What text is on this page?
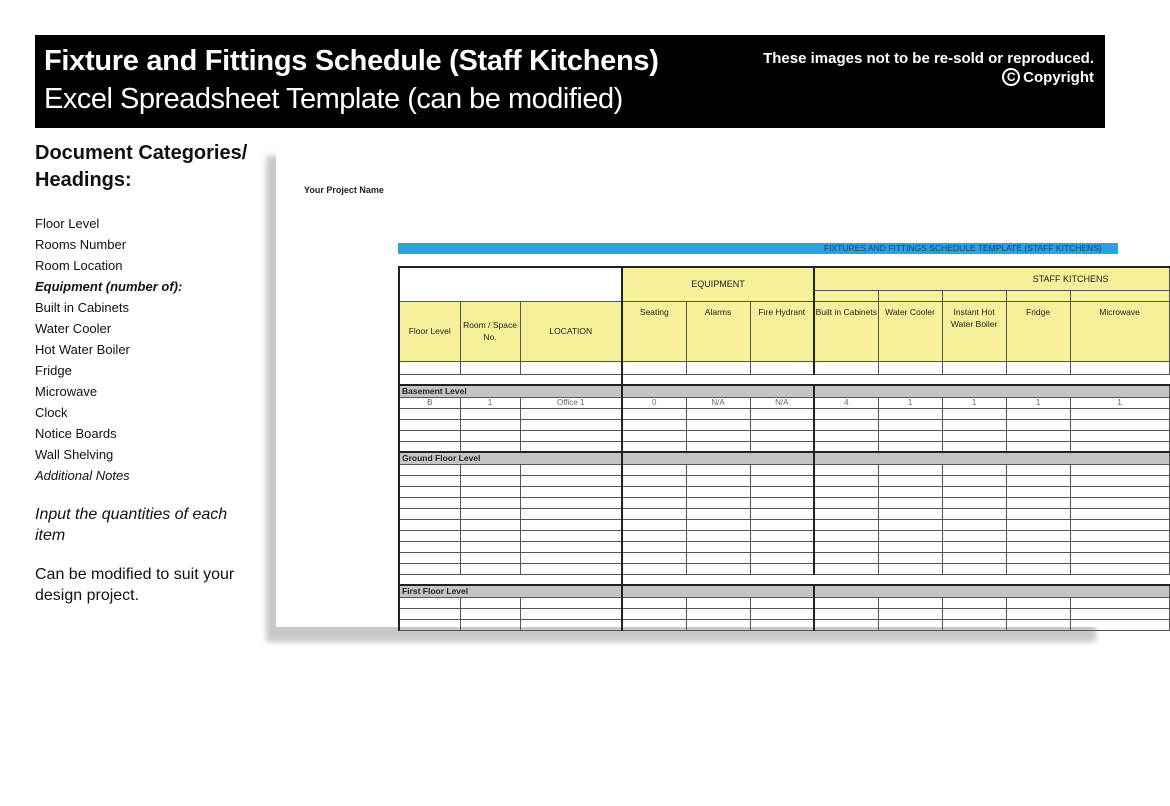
Fixture and Fittings Schedule (Staff Kitchens)
Excel Spreadsheet Template (can be modified)
These images not to be re-sold or reproduced.
C Copyright
Document Categories/ Headings:
Floor Level
Rooms Number
Room Location
Equipment (number of):
Built in Cabinets
Water Cooler
Hot Water Boiler
Fridge
Microwave
Clock
Notice Boards
Wall Shelving
Additional Notes
Input the quantities of each item
Can be modified to suit your design project.
Your Project Name
FIXTURES AND FITTINGS SCHEDULE TEMPLATE (STAFF KITCHENS)
			EQUIPMENT			STAFF KITCHENS				

Floor Level	Room / Space No.	LOCATION	Seating	Alarms	Fire Hydrant	Built in Cabinets	Water Cooler	Instant Hot Water Boiler	Fridge	Microwave

Basement Level										
B	1	Office 1	0	N/A	N/A	4	1	1	1	1

Ground Floor Level										

First Floor Level										
